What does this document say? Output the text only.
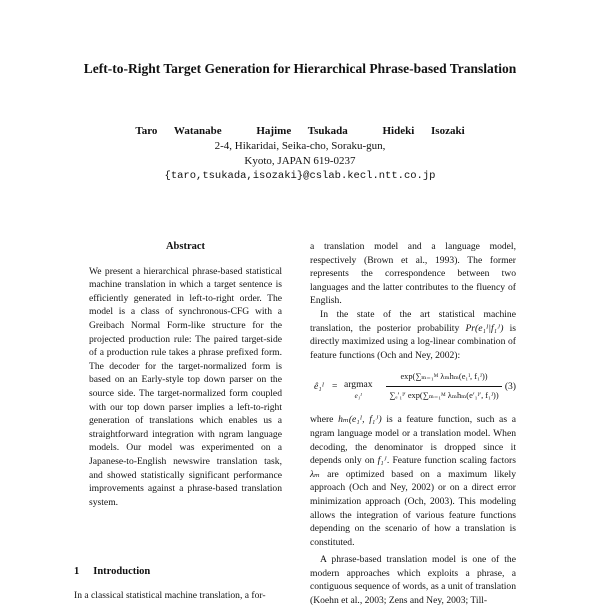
Left-to-Right Target Generation for Hierarchical Phrase-based Translation
Taro Watanabe	Hajime Tsukada	Hideki Isozaki
2-4, Hikaridai, Seika-cho, Soraku-gun,
Kyoto, JAPAN 619-0237
{taro,tsukada,isozaki}@cslab.kecl.ntt.co.jp
Abstract

We present a hierarchical phrase-based statistical machine translation in which a target sentence is efficiently generated in left-to-right order. The model is a class of synchronous-CFG with a Greibach Normal Form-like structure for the projected production rule: The paired target-side of a production rule takes a phrase prefixed form. The decoder for the target-normalized form is based on an Early-style top down parser on the source side. The target-normalized form coupled with our top down parser implies a left-to-right generation of translations which enables us a straightforward integration with ngram language models. Our model was experimented on a Japanese-to-English newswire translation task, and showed statistically significant performance improvements against a phrase-based translation system.

1 Introduction
In a classical statistical machine translation, a for-

a translation model and a language model, respectively (Brown et al., 1993). The former represents the correspondence between two languages and the latter contributes to the fluency of English.

In the state of the art statistical machine translation, the posterior probability Pr(e₁ᴵ|f₁ᴶ) is directly maximized using a log-linear combination of feature functions (Och and Ney, 2002):

ê₁ᴵ = argmax
e₁ᴵ
exp(∑ₘ₌₁ᴹ λₘhₘ(e₁ᴵ, f₁ᴶ))
∑ₑ′₁ᴵ′ exp(∑ₘ₌₁ᴹ λₘhₘ(e′₁ᴵ′, f₁ᴶ))
(3)

where hₘ(e₁ᴵ, f₁ᴶ) is a feature function, such as a ngram language model or a translation model. When decoding, the denominator is dropped since it depends only on f₁ᴶ. Feature function scaling factors λₘ are optimized based on a maximum likely approach (Och and Ney, 2002) or on a direct error minimization approach (Och, 2003). This modeling allows the integration of various feature functions depending on the scenario of how a translation is constituted.

A phrase-based translation model is one of the modern approaches which exploits a phrase, a contiguous sequence of words, as a unit of translation (Koehn et al., 2003; Zens and Ney, 2003; Till-
